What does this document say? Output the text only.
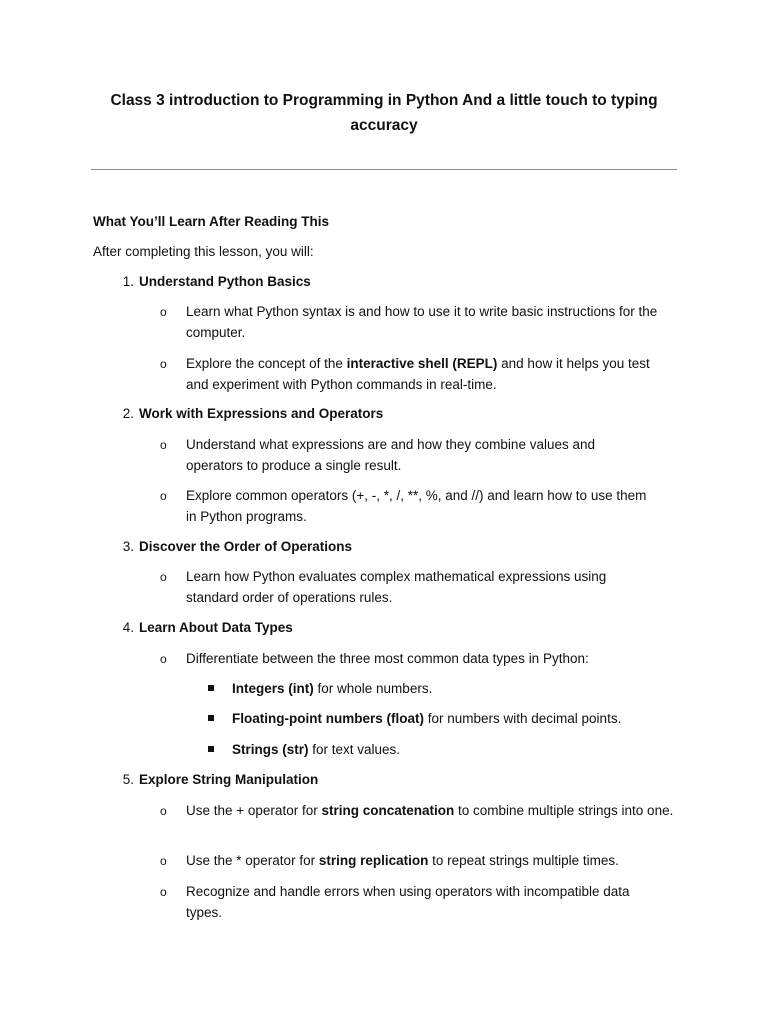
Class 3 introduction to Programming in Python And a little touch to typing accuracy
What You’ll Learn After Reading This
After completing this lesson, you will:
1. Understand Python Basics
o Learn what Python syntax is and how to use it to write basic instructions for the computer.
o Explore the concept of the interactive shell (REPL) and how it helps you test and experiment with Python commands in real-time.
2. Work with Expressions and Operators
o Understand what expressions are and how they combine values and operators to produce a single result.
o Explore common operators (+, -, *, /, **, %, and //) and learn how to use them in Python programs.
3. Discover the Order of Operations
o Learn how Python evaluates complex mathematical expressions using standard order of operations rules.
4. Learn About Data Types
o Differentiate between the three most common data types in Python:
Integers (int) for whole numbers.
Floating-point numbers (float) for numbers with decimal points.
Strings (str) for text values.
5. Explore String Manipulation
o Use the + operator for string concatenation to combine multiple strings into one.
o Use the * operator for string replication to repeat strings multiple times.
o Recognize and handle errors when using operators with incompatible data types.
